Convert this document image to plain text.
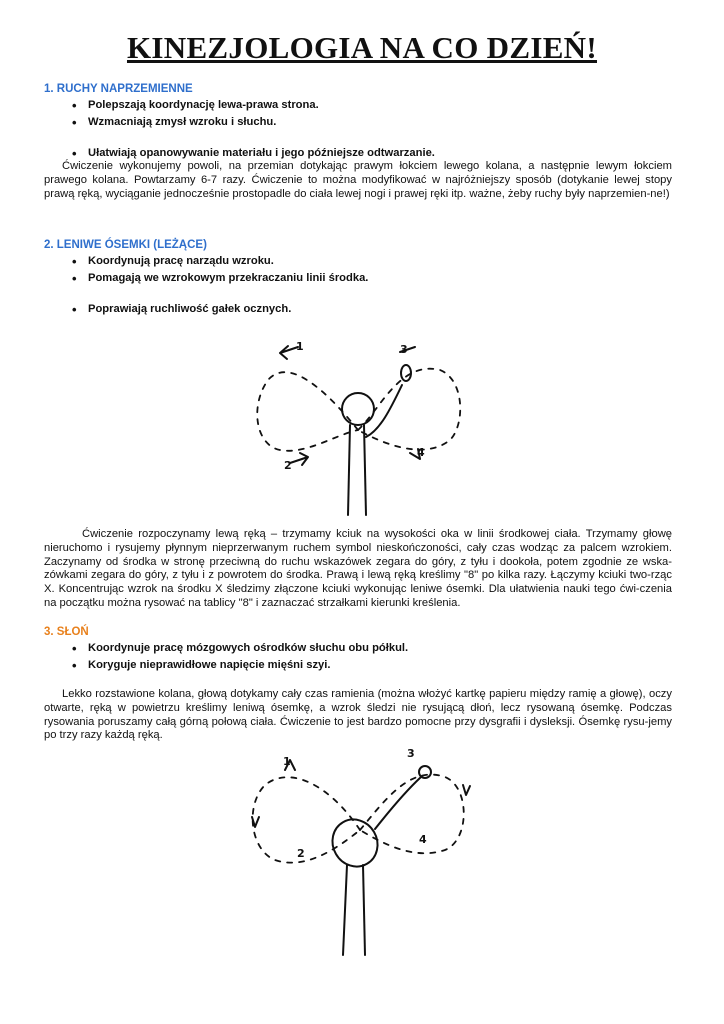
KINEZJOLOGIA NA CO DZIEŃ!
1. RUCHY NAPRZEMIENNE
• Polepszają koordynację lewa-prawa strona.
• Wzmacniają zmysł wzroku i słuchu.
• Ułatwiają opanowywanie materiału i jego późniejsze odtwarzanie.

Ćwiczenie wykonujemy powoli, na przemian dotykając prawym łokciem lewego kolana, a następnie lewym łokciem prawego kolana. Powtarzamy 6-7 razy. Ćwiczenie to można modyfikować w najróżniejszy sposób (dotykanie lewej stopy prawą ręką, wyciąganie jednocześnie prostopadle do ciała lewej nogi i prawej ręki itp. ważne, żeby ruchy były naprzemien-ne!)

2. LENIWE ÓSEMKI (LEŻĄCE)
• Koordynują pracę narządu wzroku.
• Pomagają we wzrokowym przekraczaniu linii środka.
• Poprawiają ruchliwość gałek ocznych.
1
2
3
4

Ćwiczenie rozpoczynamy lewą ręką – trzymamy kciuk na wysokości oka w linii środkowej ciała. Trzymamy głowę nieruchomo i rysujemy płynnym nieprzerwanym ruchem symbol nieskończoności, cały czas wodząc za palcem wzrokiem. Zaczynamy od środka w stronę przeciwną do ruchu wskazówek zegara do góry, z tyłu i dookoła, potem zgodnie ze wska-zówkami zegara do góry, z tyłu i z powrotem do środka. Prawą i lewą ręką kreślimy "8" po kilka razy. Łączymy kciuki two-rząc X. Koncentrując wzrok na środku X śledzimy złączone kciuki wykonując leniwe ósemki. Dla ułatwienia nauki tego ćwi-czenia na początku można rysować na tablicy "8" i zaznaczać strzałkami kierunki kreślenia.

3. SŁOŃ
• Koordynuje pracę mózgowych ośrodków słuchu obu półkul.
• Koryguje nieprawidłowe napięcie mięśni szyi.

Lekko rozstawione kolana, głową dotykamy cały czas ramienia (można włożyć kartkę papieru między ramię a głowę), oczy otwarte, ręką w powietrzu kreślimy leniwą ósemkę, a wzrok śledzi nie rysującą dłoń, lecz rysowaną ósemkę. Podczas rysowania poruszamy całą górną połową ciała. Ćwiczenie to jest bardzo pomocne przy dysgrafii i dysleksji. Ósemkę rysu-jemy po trzy razy każdą ręką.

1
2
3
4
